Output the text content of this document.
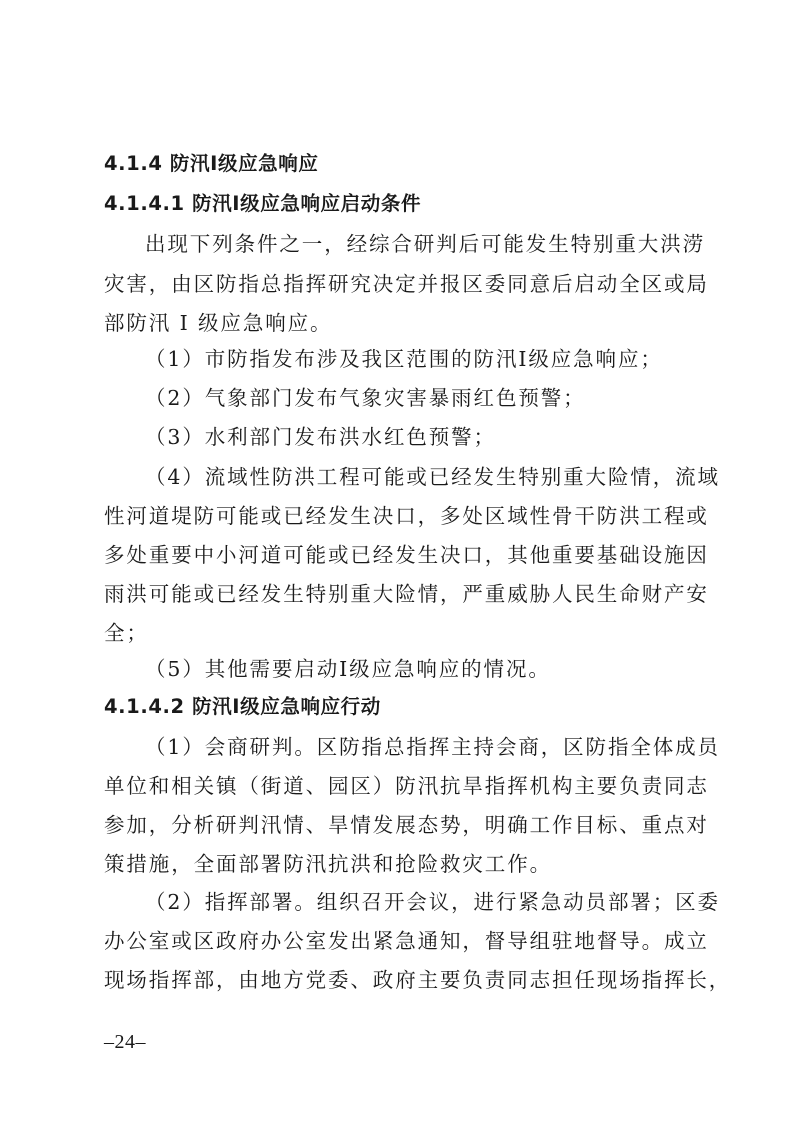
4.1.4 防汛I级应急响应
4.1.4.1 防汛I级应急响应启动条件
出现下列条件之一，经综合研判后可能发生特别重大洪涝
灾害，由区防指总指挥研究决定并报区委同意后启动全区或局
部防汛 I 级应急响应。
（1）市防指发布涉及我区范围的防汛I级应急响应；
（2）气象部门发布气象灾害暴雨红色预警；
（3）水利部门发布洪水红色预警；
（4）流域性防洪工程可能或已经发生特别重大险情，流域
性河道堤防可能或已经发生决口，多处区域性骨干防洪工程或
多处重要中小河道可能或已经发生决口，其他重要基础设施因
雨洪可能或已经发生特别重大险情，严重威胁人民生命财产安
全；
（5）其他需要启动I级应急响应的情况。
4.1.4.2 防汛I级应急响应行动
（1）会商研判。区防指总指挥主持会商，区防指全体成员
单位和相关镇（街道、园区）防汛抗旱指挥机构主要负责同志
参加，分析研判汛情、旱情发展态势，明确工作目标、重点对
策措施，全面部署防汛抗洪和抢险救灾工作。
（2）指挥部署。组织召开会议，进行紧急动员部署；区委
办公室或区政府办公室发出紧急通知，督导组驻地督导。成立
现场指挥部，由地方党委、政府主要负责同志担任现场指挥长，
–24–
